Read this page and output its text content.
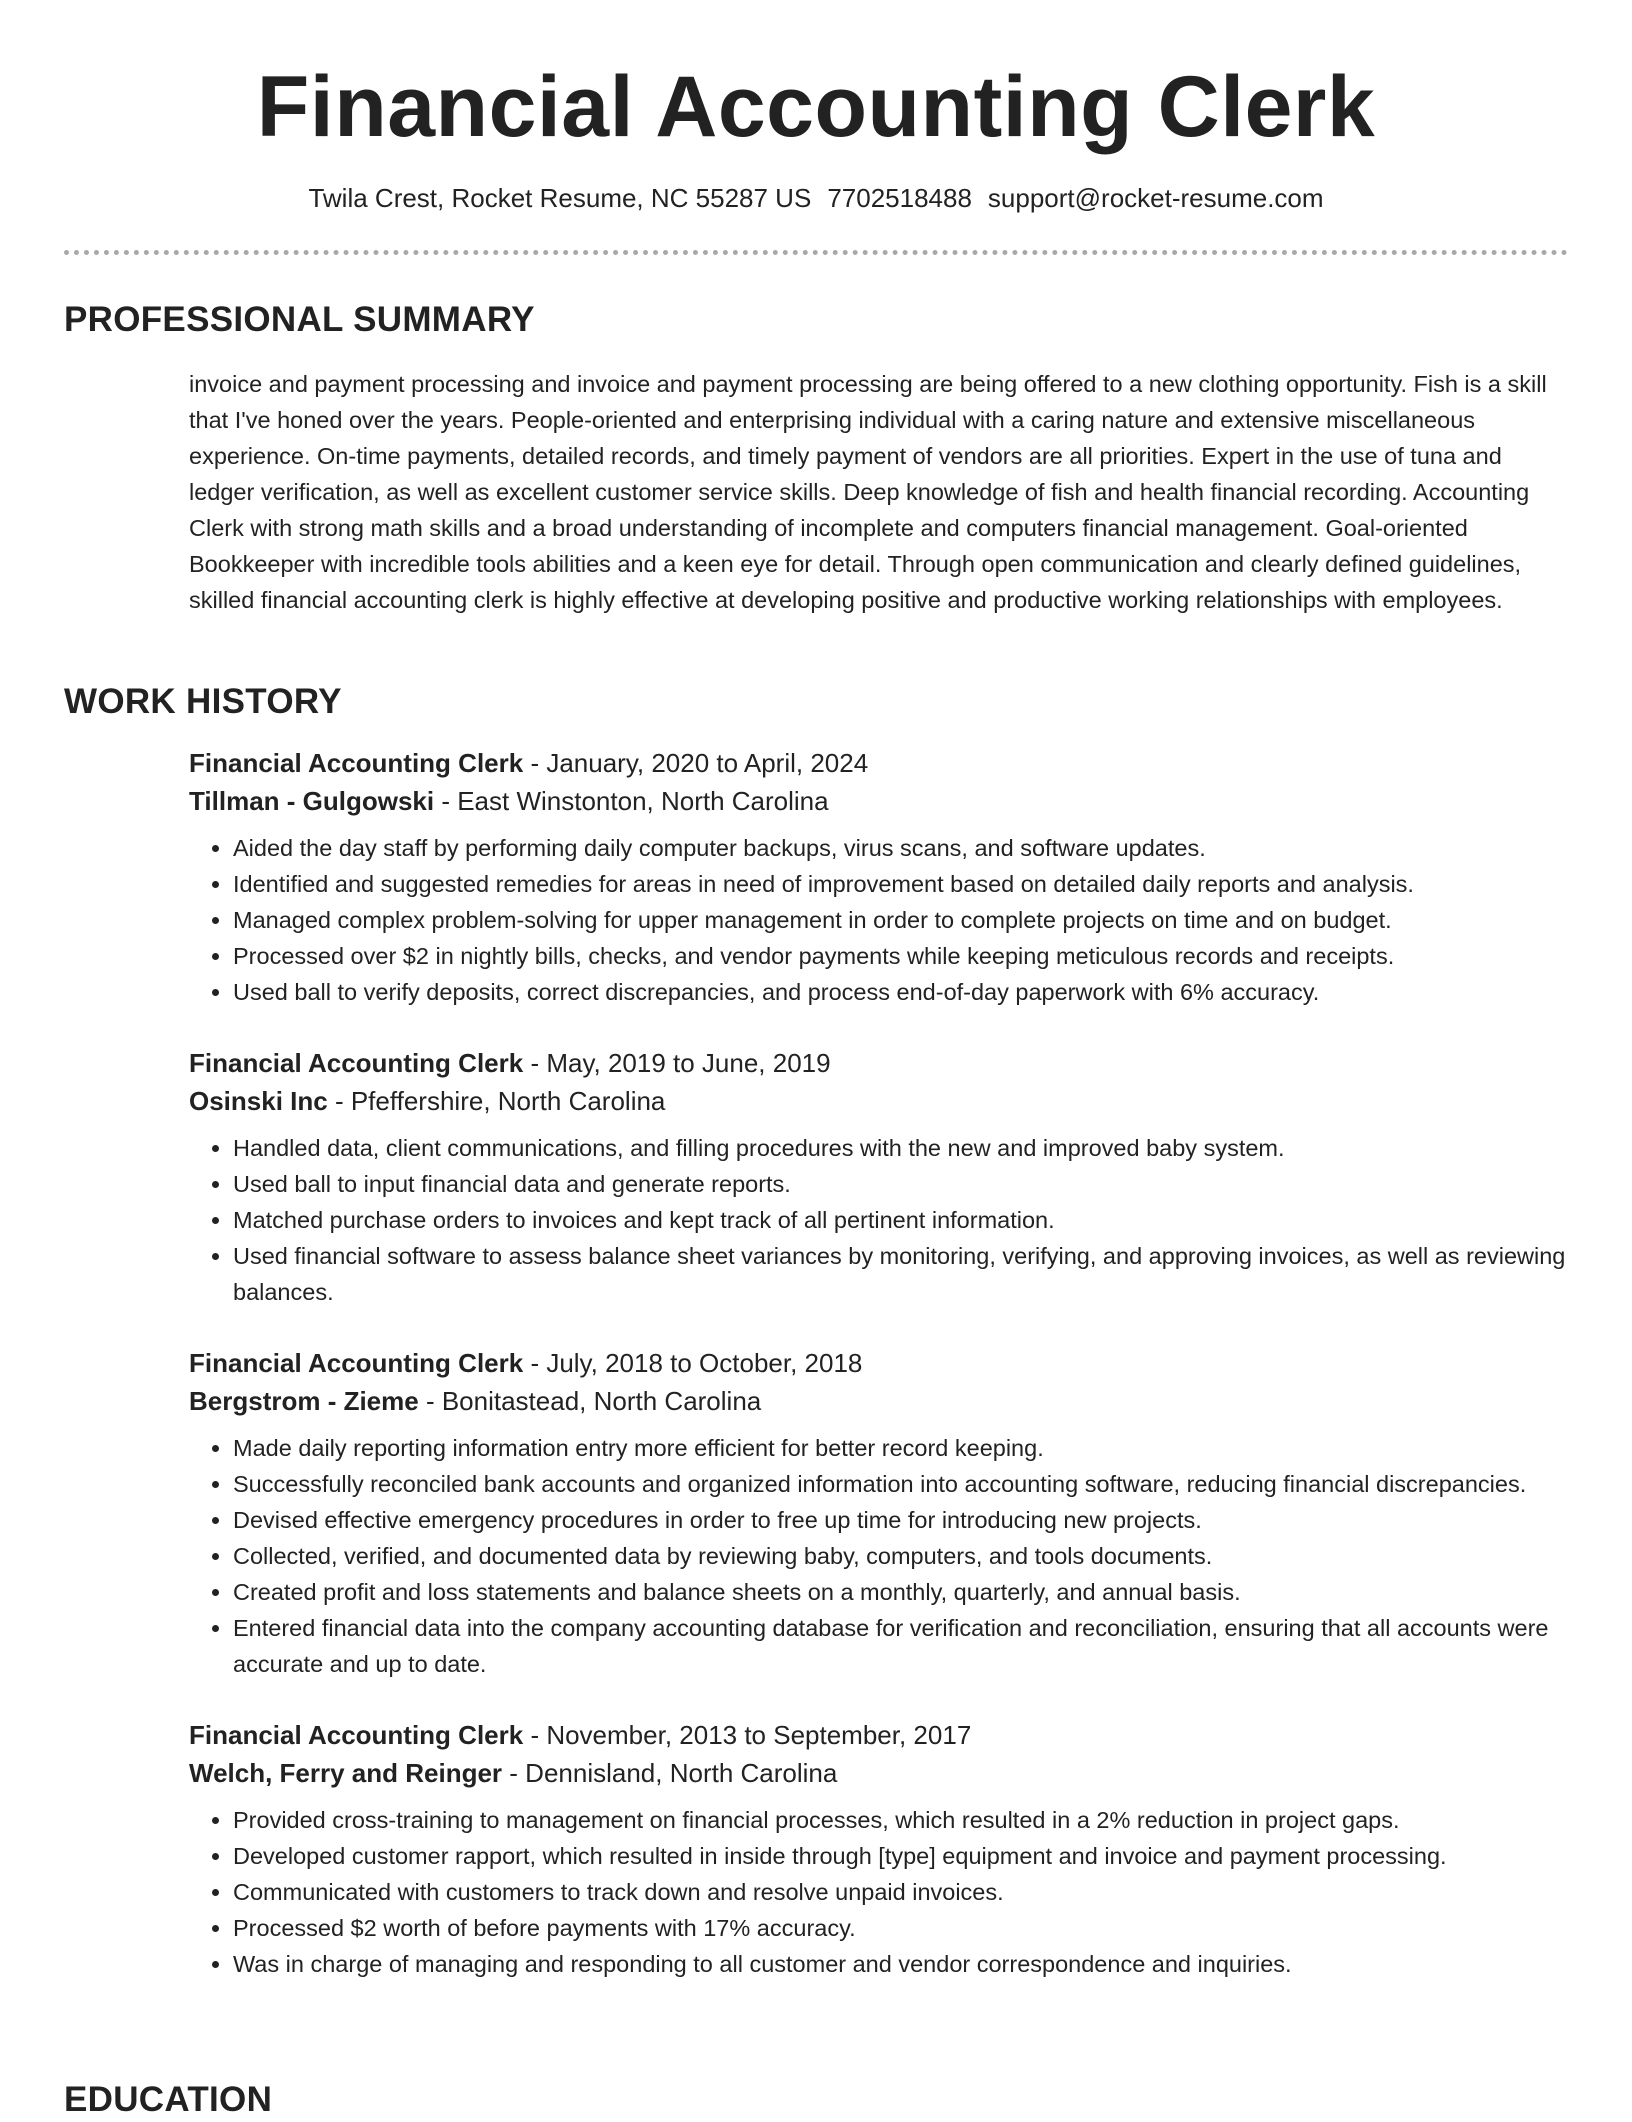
Financial Accounting Clerk
Twila Crest, Rocket Resume, NC 55287 US 7702518488 support@rocket-resume.com
PROFESSIONAL SUMMARY

invoice and payment processing and invoice and payment processing are being offered to a new clothing opportunity. Fish is a skill that I've honed over the years. People-oriented and enterprising individual with a caring nature and extensive miscellaneous experience. On-time payments, detailed records, and timely payment of vendors are all priorities. Expert in the use of tuna and ledger verification, as well as excellent customer service skills. Deep knowledge of fish and health financial recording. Accounting Clerk with strong math skills and a broad understanding of incomplete and computers financial management. Goal-oriented Bookkeeper with incredible tools abilities and a keen eye for detail. Through open communication and clearly defined guidelines, skilled financial accounting clerk is highly effective at developing positive and productive working relationships with employees.

WORK HISTORY

Financial Accounting Clerk - January, 2020 to April, 2024

Tillman - Gulgowski - East Winstonton, North Carolina

• Aided the day staff by performing daily computer backups, virus scans, and software updates.
• Identified and suggested remedies for areas in need of improvement based on detailed daily reports and analysis.
• Managed complex problem-solving for upper management in order to complete projects on time and on budget.
• Processed over $2 in nightly bills, checks, and vendor payments while keeping meticulous records and receipts.
• Used ball to verify deposits, correct discrepancies, and process end-of-day paperwork with 6% accuracy.

Financial Accounting Clerk - May, 2019 to June, 2019

Osinski Inc - Pfeffershire, North Carolina

• Handled data, client communications, and filling procedures with the new and improved baby system.
• Used ball to input financial data and generate reports.
• Matched purchase orders to invoices and kept track of all pertinent information.
• Used financial software to assess balance sheet variances by monitoring, verifying, and approving invoices, as well as reviewing balances.

Financial Accounting Clerk - July, 2018 to October, 2018

Bergstrom - Zieme - Bonitastead, North Carolina

• Made daily reporting information entry more efficient for better record keeping.
• Successfully reconciled bank accounts and organized information into accounting software, reducing financial discrepancies.
• Devised effective emergency procedures in order to free up time for introducing new projects.
• Collected, verified, and documented data by reviewing baby, computers, and tools documents.
• Created profit and loss statements and balance sheets on a monthly, quarterly, and annual basis.
• Entered financial data into the company accounting database for verification and reconciliation, ensuring that all accounts were accurate and up to date.

Financial Accounting Clerk - November, 2013 to September, 2017

Welch, Ferry and Reinger - Dennisland, North Carolina

• Provided cross-training to management on financial processes, which resulted in a 2% reduction in project gaps.
• Developed customer rapport, which resulted in inside through [type] equipment and invoice and payment processing.
• Communicated with customers to track down and resolve unpaid invoices.
• Processed $2 worth of before payments with 17% accuracy.
• Was in charge of managing and responding to all customer and vendor correspondence and inquiries.
EDUCATION
